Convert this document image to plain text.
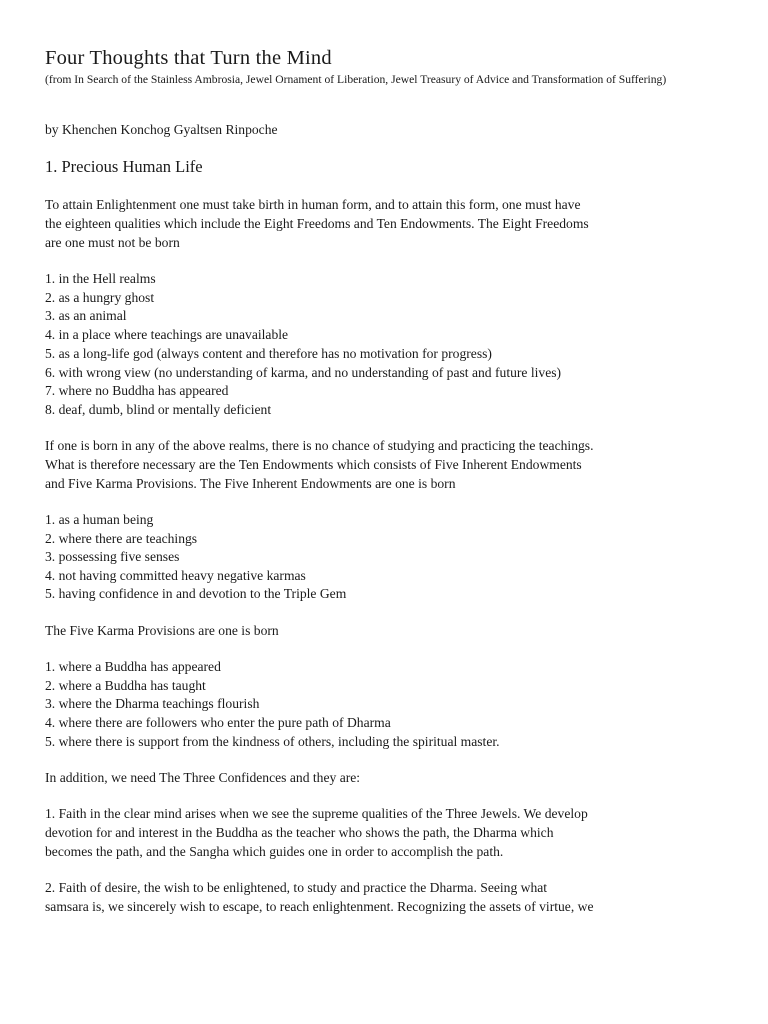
Four Thoughts that Turn the Mind

(from In Search of the Stainless Ambrosia, Jewel Ornament of Liberation, Jewel Treasury of Advice and Transformation of Suffering)

by Khenchen Konchog Gyaltsen Rinpoche

1. Precious Human Life

To attain Enlightenment one must take birth in human form, and to attain this form, one must have

the eighteen qualities which include the Eight Freedoms and Ten Endowments. The Eight Freedoms

are one must not be born

1. in the Hell realms

2. as a hungry ghost

3. as an animal

4. in a place where teachings are unavailable

5. as a long-life god (always content and therefore has no motivation for progress)

6. with wrong view (no understanding of karma, and no understanding of past and future lives)

7. where no Buddha has appeared

8. deaf, dumb, blind or mentally deficient

If one is born in any of the above realms, there is no chance of studying and practicing the teachings.

What is therefore necessary are the Ten Endowments which consists of Five Inherent Endowments

and Five Karma Provisions. The Five Inherent Endowments are one is born

1. as a human being

2. where there are teachings

3. possessing five senses

4. not having committed heavy negative karmas

5. having confidence in and devotion to the Triple Gem

The Five Karma Provisions are one is born

1. where a Buddha has appeared

2. where a Buddha has taught

3. where the Dharma teachings flourish

4. where there are followers who enter the pure path of Dharma

5. where there is support from the kindness of others, including the spiritual master.

In addition, we need The Three Confidences and they are:

1. Faith in the clear mind arises when we see the supreme qualities of the Three Jewels. We develop

devotion for and interest in the Buddha as the teacher who shows the path, the Dharma which

becomes the path, and the Sangha which guides one in order to accomplish the path.

2. Faith of desire, the wish to be enlightened, to study and practice the Dharma. Seeing what

samsara is, we sincerely wish to escape, to reach enlightenment. Recognizing the assets of virtue, we
